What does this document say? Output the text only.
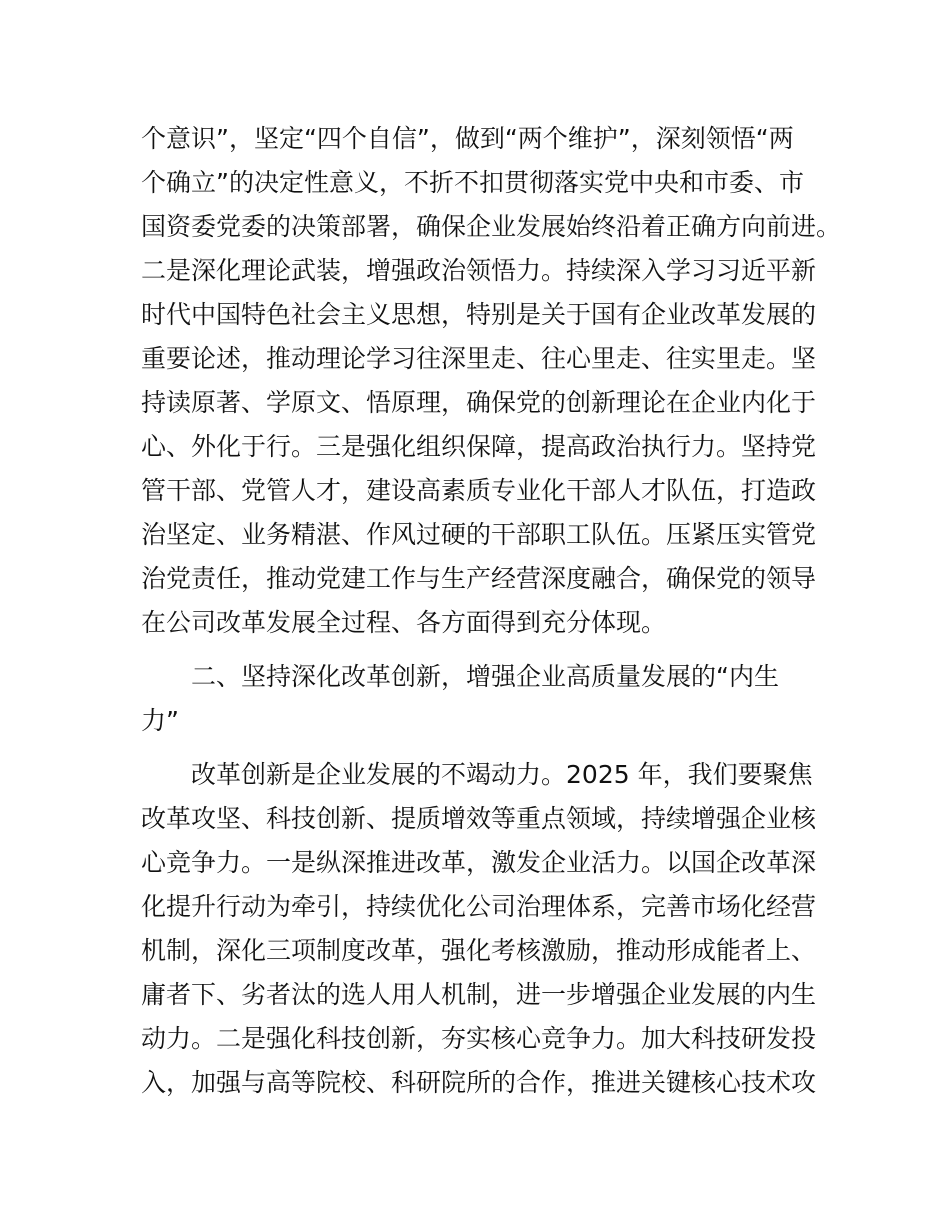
个意识”，坚定“四个自信”，做到“两个维护”，深刻领悟“两
个确立”的决定性意义，不折不扣贯彻落实党中央和市委、市
国资委党委的决策部署，确保企业发展始终沿着正确方向前进。
二是深化理论武装，增强政治领悟力。持续深入学习习近平新
时代中国特色社会主义思想，特别是关于国有企业改革发展的
重要论述，推动理论学习往深里走、往心里走、往实里走。坚
持读原著、学原文、悟原理，确保党的创新理论在企业内化于
心、外化于行。三是强化组织保障，提高政治执行力。坚持党
管干部、党管人才，建设高素质专业化干部人才队伍，打造政
治坚定、业务精湛、作风过硬的干部职工队伍。压紧压实管党
治党责任，推动党建工作与生产经营深度融合，确保党的领导
在公司改革发展全过程、各方面得到充分体现。
二、坚持深化改革创新，增强企业高质量发展的“内生
力”
改革创新是企业发展的不竭动力。2025 年，我们要聚焦
改革攻坚、科技创新、提质增效等重点领域，持续增强企业核
心竞争力。一是纵深推进改革，激发企业活力。以国企改革深
化提升行动为牵引，持续优化公司治理体系，完善市场化经营
机制，深化三项制度改革，强化考核激励，推动形成能者上、
庸者下、劣者汰的选人用人机制，进一步增强企业发展的内生
动力。二是强化科技创新，夯实核心竞争力。加大科技研发投
入，加强与高等院校、科研院所的合作，推进关键核心技术攻
